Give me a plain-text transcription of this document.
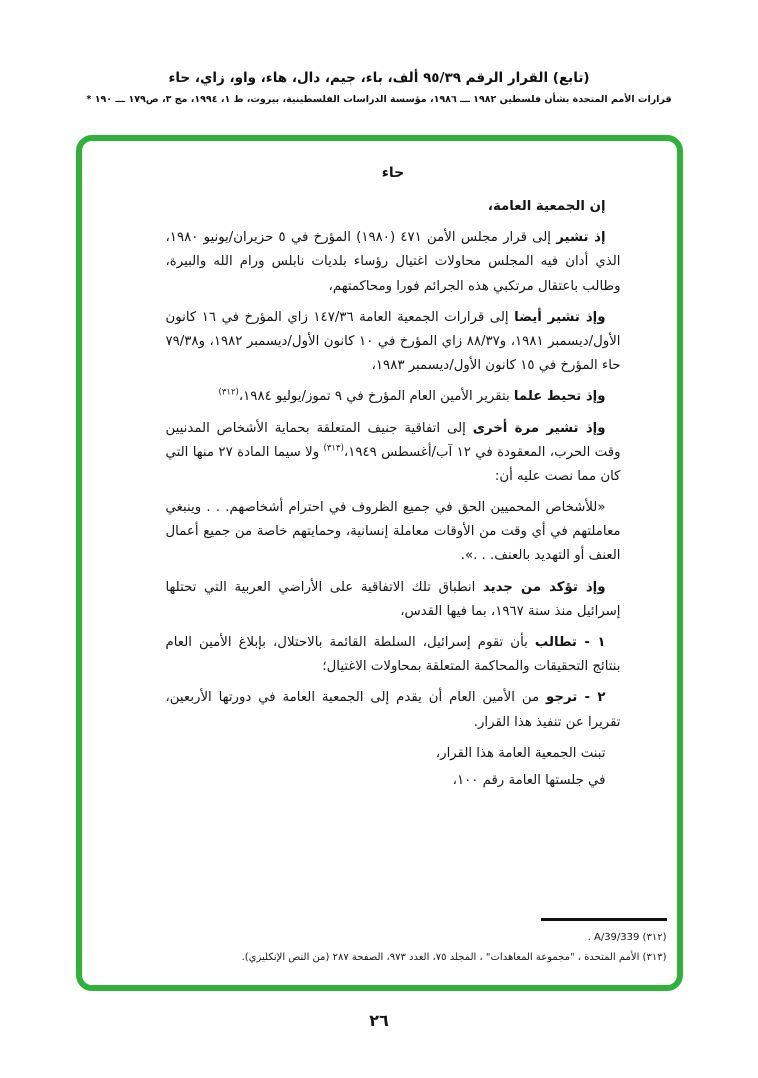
(تابع) القرار الرقم ٩٥/٣٩ ألف، باء، جيم، دال، هاء، واو، زاي، حاء
قرارات الأمم المتحدة بشأن فلسطين ١٩٨٢ ـــ ١٩٨٦، مؤسسة الدراسات الفلسطينية، بيروت، ط ١، ١٩٩٤، مج ٣، ص١٧٩ ـــ ١٩٠ *
حاء

إن الجمعية العامة،

إذ تشير إلى قرار مجلس الأمن ٤٧١ (١٩٨٠) المؤرخ في ٥ حزيران/يونيو ١٩٨٠، الذي أدان فيه المجلس محاولات اغتيال رؤساء بلديات نابلس ورام الله والبيرة، وطالب باعتقال مرتكبي هذه الجرائم فورا ومحاكمتهم،

وإذ تشير أيضا إلى قرارات الجمعية العامة ١٤٧/٣٦ زاي المؤرخ في ١٦ كانون الأول/ديسمبر ١٩٨١، و٨٨/٣٧ زاي المؤرخ في ١٠ كانون الأول/ديسمبر ١٩٨٢، و٧٩/٣٨ حاء المؤرخ في ١٥ كانون الأول/ديسمبر ١٩٨٣،

وإذ تحيط علما بتقرير الأمين العام المؤرخ في ٩ تموز/يوليو ١٩٨٤،$^{(٣١٢)}$

وإذ تشير مرة أخرى إلى اتفاقية جنيف المتعلقة بحماية الأشخاص المدنيين وقت الحرب، المعقودة في ١٢ آب/أغسطس ١٩٤٩،$^{(٣١٣)}$ ولا سيما المادة ٢٧ منها التي كان مما نصت عليه أن:

«للأشخاص المحميين الحق في جميع الظروف في احترام أشخاصهم. . . وينبغي معاملتهم في أي وقت من الأوقات معاملة إنسانية، وحمايتهم خاصة من جميع أعمال العنف أو التهديد بالعنف. . .».

وإذ تؤكد من جديد انطباق تلك الاتفاقية على الأراضي العربية التي تحتلها إسرائيل منذ سنة ١٩٦٧، بما فيها القدس،

١ - تطالب بأن تقوم إسرائيل، السلطة القائمة بالاحتلال، بإبلاغ الأمين العام بنتائج التحقيقات والمحاكمة المتعلقة بمحاولات الاغتيال؛

٢ - ترجو من الأمين العام أن يقدم إلى الجمعية العامة في دورتها الأربعين، تقريرا عن تنفيذ هذا القرار.

تبنت الجمعية العامة هذا القرار،

في جلستها العامة رقم ١٠٠،

(٣١٢) A/39/339 .

(٣١٣) الأمم المتحدة ، "مجموعة المعاهدات" ، المجلد ٧٥، العدد ٩٧٣، الصفحة ٢٨٧ (من النص الإنكليزي).

٢٦
